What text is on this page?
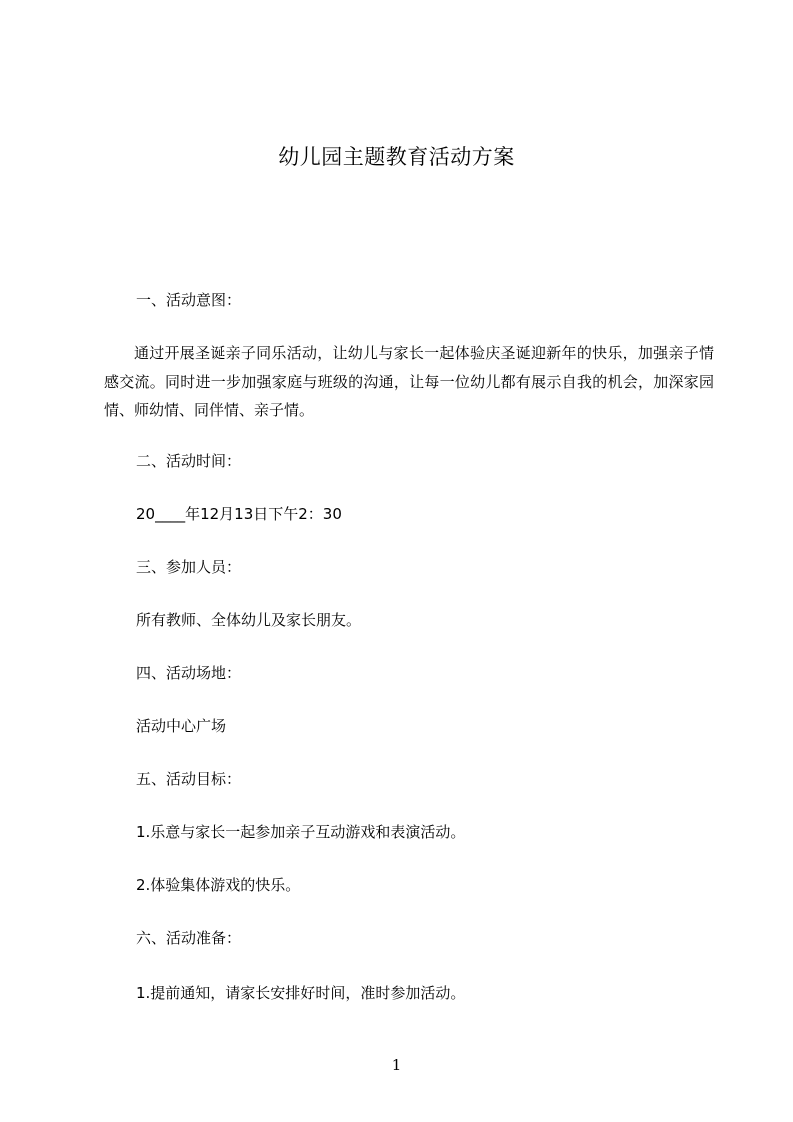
幼儿园主题教育活动方案
一、活动意图：
通过开展圣诞亲子同乐活动，让幼儿与家长一起体验庆圣诞迎新年的快乐，加强亲子情感交流。同时进一步加强家庭与班级的沟通，让每一位幼儿都有展示自我的机会，加深家园情、师幼情、同伴情、亲子情。
二、活动时间：
20____年12月13日下午2：30
三、参加人员：
所有教师、全体幼儿及家长朋友。
四、活动场地：
活动中心广场
五、活动目标：
1.乐意与家长一起参加亲子互动游戏和表演活动。
2.体验集体游戏的快乐。
六、活动准备：
1.提前通知，请家长安排好时间，准时参加活动。
1
